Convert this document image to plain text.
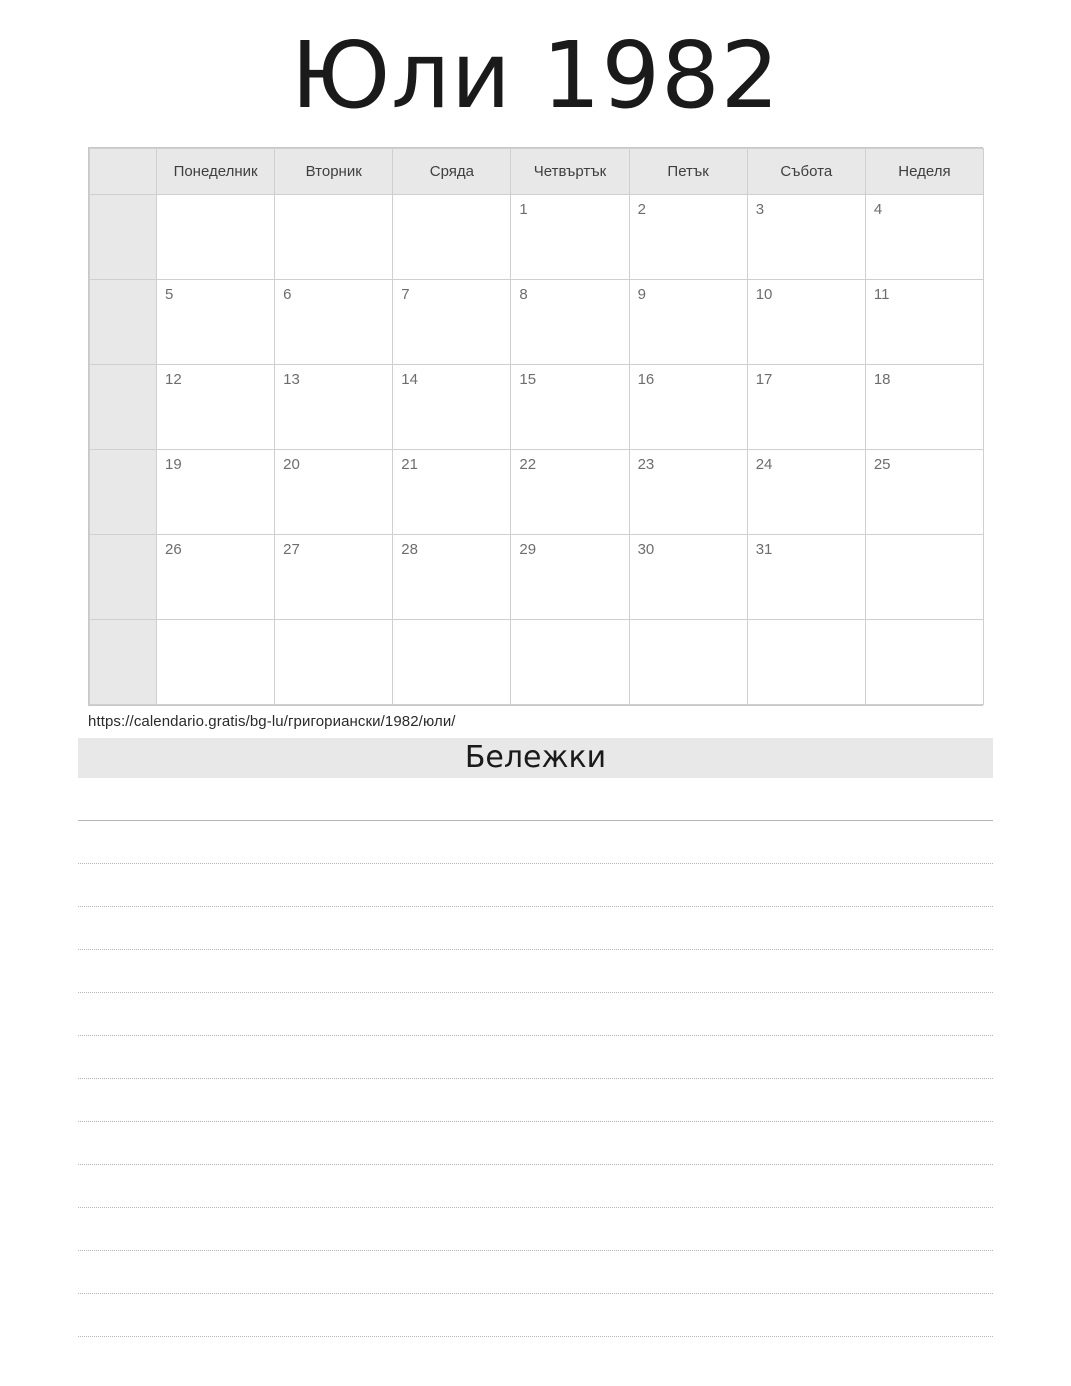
Юли 1982
	Понеделник	Вторник	Сряда	Четвъртък	Петък	Събота	Неделя

				1	2	3	4

	5	6	7	8	9	10	11

	12	13	14	15	16	17	18

	19	20	21	22	23	24	25

	26	27	28	29	30	31	

https://calendario.gratis/bg-lu/григориански/1982/юли/
Бележки
